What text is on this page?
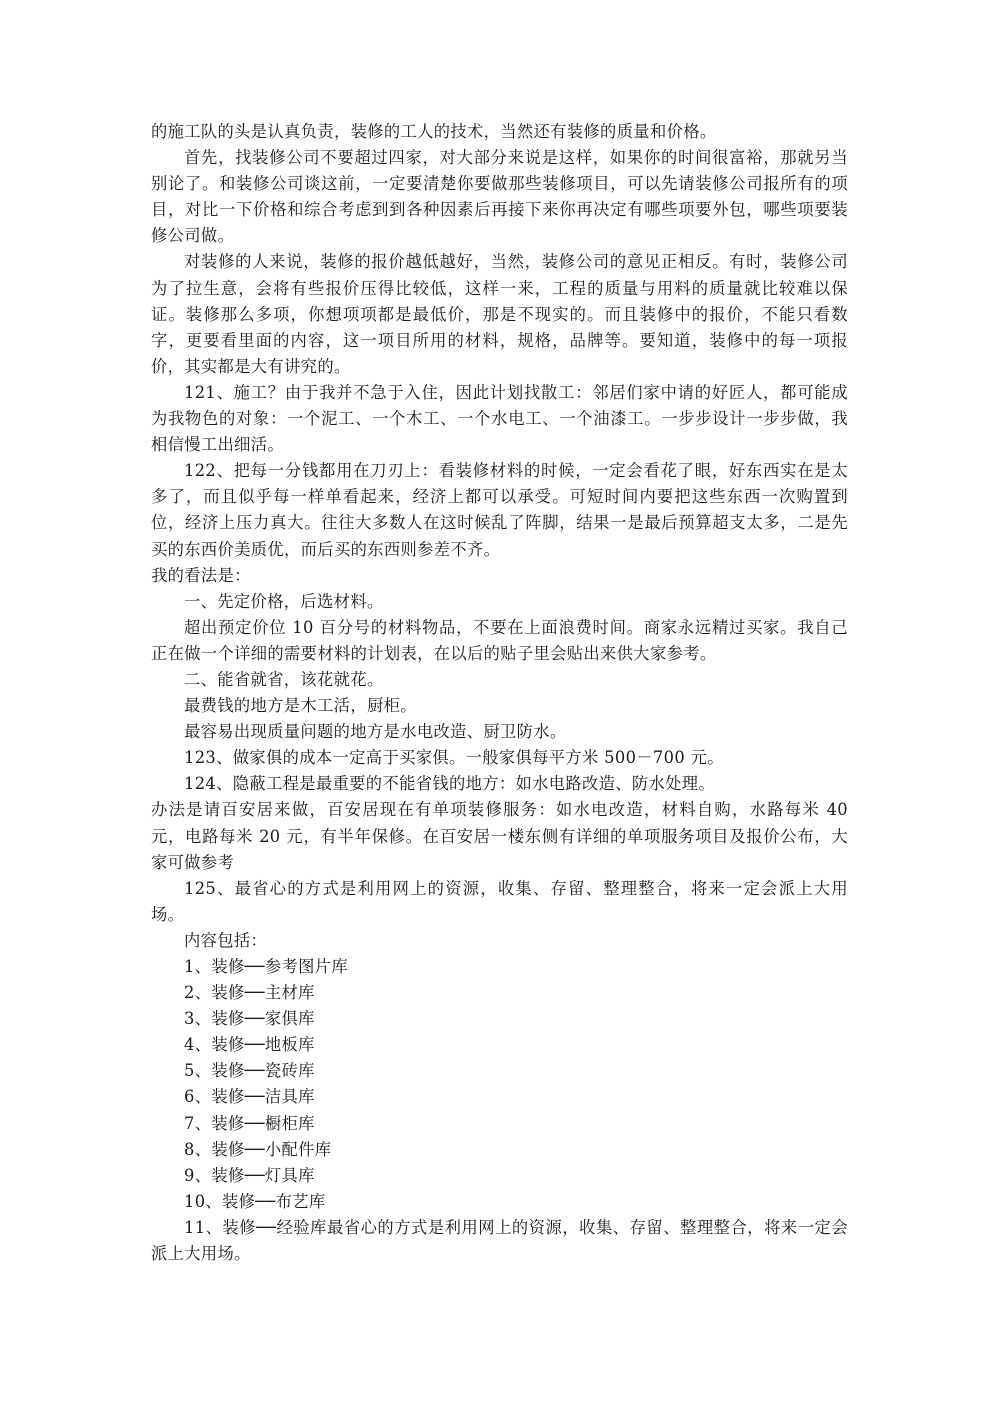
的施工队的头是认真负责，装修的工人的技术，当然还有装修的质量和价格。

首先，找装修公司不要超过四家，对大部分来说是这样，如果你的时间很富裕，那就另当别论了。和装修公司谈这前，一定要清楚你要做那些装修项目，可以先请装修公司报所有的项目，对比一下价格和综合考虑到到各种因素后再接下来你再决定有哪些项要外包，哪些项要装修公司做。

对装修的人来说，装修的报价越低越好，当然，装修公司的意见正相反。有时，装修公司为了拉生意，会将有些报价压得比较低，这样一来，工程的质量与用料的质量就比较难以保证。装修那么多项，你想项项都是最低价，那是不现实的。而且装修中的报价，不能只看数字，更要看里面的内容，这一项目所用的材料，规格，品牌等。要知道，装修中的每一项报价，其实都是大有讲究的。

121、施工？由于我并不急于入住，因此计划找散工：邻居们家中请的好匠人，都可能成为我物色的对象：一个泥工、一个木工、一个水电工、一个油漆工。一步步设计一步步做，我相信慢工出细活。

122、把每一分钱都用在刀刃上：看装修材料的时候，一定会看花了眼，好东西实在是太多了，而且似乎每一样单看起来，经济上都可以承受。可短时间内要把这些东西一次购置到位，经济上压力真大。往往大多数人在这时候乱了阵脚，结果一是最后预算超支太多，二是先买的东西价美质优，而后买的东西则参差不齐。

我的看法是：

一、先定价格，后选材料。

超出预定价位 10 百分号的材料物品，不要在上面浪费时间。商家永远精过买家。我自己正在做一个详细的需要材料的计划表，在以后的贴子里会贴出来供大家参考。

二、能省就省，该花就花。

最费钱的地方是木工活，厨柜。

最容易出现质量问题的地方是水电改造、厨卫防水。

123、做家俱的成本一定高于买家俱。一般家俱每平方米 500－700 元。

124、隐蔽工程是最重要的不能省钱的地方：如水电路改造、防水处理。

办法是请百安居来做，百安居现在有单项装修服务：如水电改造，材料自购，水路每米 40 元，电路每米 20 元，有半年保修。在百安居一楼东侧有详细的单项服务项目及报价公布，大家可做参考

125、最省心的方式是利用网上的资源，收集、存留、整理整合，将来一定会派上大用场。

内容包括：

1、装修──参考图片库

2、装修──主材库

3、装修──家俱库

4、装修──地板库

5、装修──瓷砖库

6、装修──洁具库

7、装修──橱柜库

8、装修──小配件库

9、装修──灯具库

10、装修──布艺库

11、装修──经验库最省心的方式是利用网上的资源，收集、存留、整理整合，将来一定会派上大用场。
